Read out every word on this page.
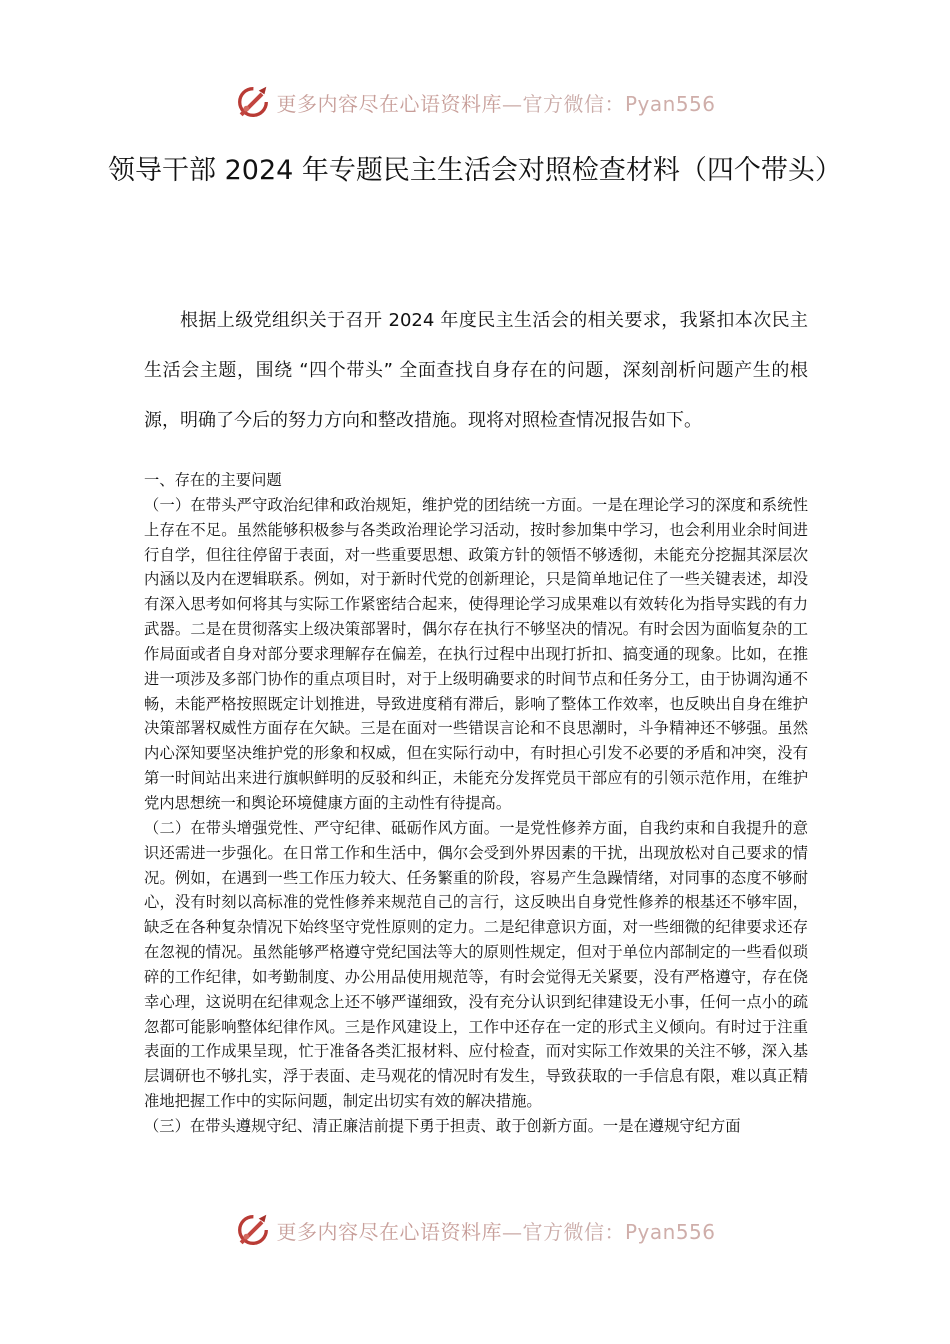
更多内容尽在心语资料库—官方微信：Pyan556
领导干部 2024 年专题民主生活会对照检查材料（四个带头）

根据上级党组织关于召开 2024 年度民主生活会的相关要求，我紧扣本次民主生活会主题，围绕 “四个带头” 全面查找自身存在的问题，深刻剖析问题产生的根源，明确了今后的努力方向和整改措施。现将对照检查情况报告如下。

一、存在的主要问题

（一）在带头严守政治纪律和政治规矩，维护党的团结统一方面。一是在理论学习的深度和系统性上存在不足。虽然能够积极参与各类政治理论学习活动，按时参加集中学习，也会利用业余时间进行自学，但往往停留于表面，对一些重要思想、政策方针的领悟不够透彻，未能充分挖掘其深层次内涵以及内在逻辑联系。例如，对于新时代党的创新理论，只是简单地记住了一些关键表述，却没有深入思考如何将其与实际工作紧密结合起来，使得理论学习成果难以有效转化为指导实践的有力武器。二是在贯彻落实上级决策部署时，偶尔存在执行不够坚决的情况。有时会因为面临复杂的工作局面或者自身对部分要求理解存在偏差，在执行过程中出现打折扣、搞变通的现象。比如，在推进一项涉及多部门协作的重点项目时，对于上级明确要求的时间节点和任务分工，由于协调沟通不畅，未能严格按照既定计划推进，导致进度稍有滞后，影响了整体工作效率，也反映出自身在维护决策部署权威性方面存在欠缺。三是在面对一些错误言论和不良思潮时，斗争精神还不够强。虽然内心深知要坚决维护党的形象和权威，但在实际行动中，有时担心引发不必要的矛盾和冲突，没有第一时间站出来进行旗帜鲜明的反驳和纠正，未能充分发挥党员干部应有的引领示范作用，在维护党内思想统一和舆论环境健康方面的主动性有待提高。

（二）在带头增强党性、严守纪律、砥砺作风方面。一是党性修养方面，自我约束和自我提升的意识还需进一步强化。在日常工作和生活中，偶尔会受到外界因素的干扰，出现放松对自己要求的情况。例如，在遇到一些工作压力较大、任务繁重的阶段，容易产生急躁情绪，对同事的态度不够耐心，没有时刻以高标准的党性修养来规范自己的言行，这反映出自身党性修养的根基还不够牢固，缺乏在各种复杂情况下始终坚守党性原则的定力。二是纪律意识方面，对一些细微的纪律要求还存在忽视的情况。虽然能够严格遵守党纪国法等大的原则性规定，但对于单位内部制定的一些看似琐碎的工作纪律，如考勤制度、办公用品使用规范等，有时会觉得无关紧要，没有严格遵守，存在侥幸心理，这说明在纪律观念上还不够严谨细致，没有充分认识到纪律建设无小事，任何一点小的疏忽都可能影响整体纪律作风。三是作风建设上，工作中还存在一定的形式主义倾向。有时过于注重表面的工作成果呈现，忙于准备各类汇报材料、应付检查，而对实际工作效果的关注不够，深入基层调研也不够扎实，浮于表面、走马观花的情况时有发生，导致获取的一手信息有限，难以真正精准地把握工作中的实际问题，制定出切实有效的解决措施。

（三）在带头遵规守纪、清正廉洁前提下勇于担责、敢于创新方面。一是在遵规守纪方面

更多内容尽在心语资料库—官方微信：Pyan556
